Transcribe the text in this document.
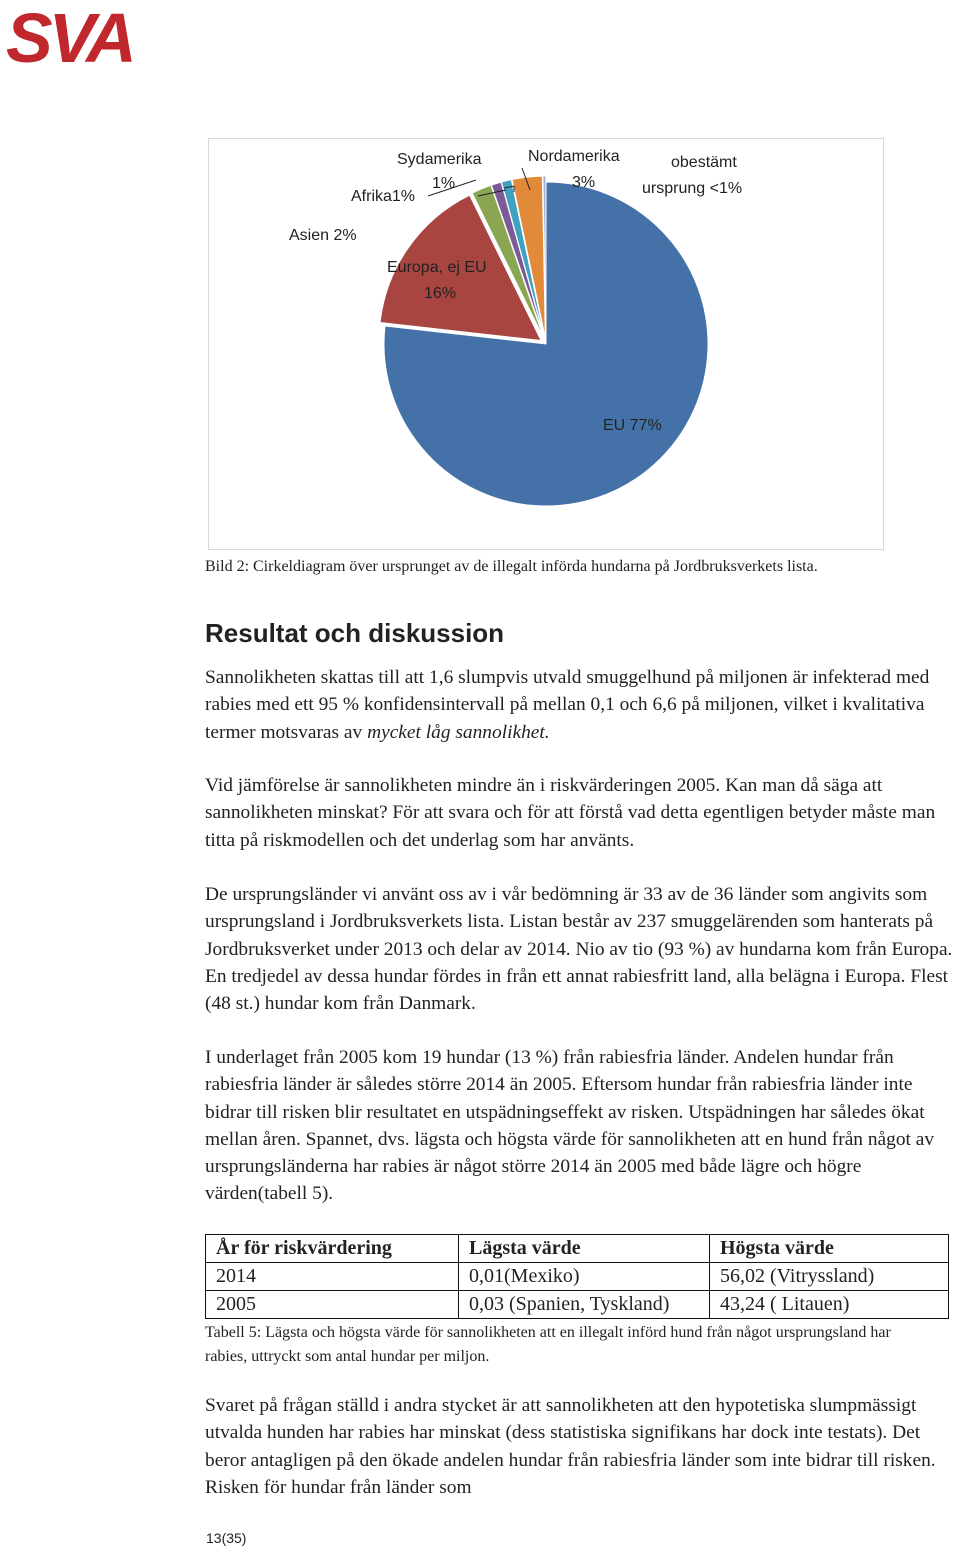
SVA
Asien 2%
Afrika1%
Sydamerika
1%
Nordamerika
3%
obestämt
ursprung <1%
Europa, ej EU
16%
EU 77%
Bild 2: Cirkeldiagram över ursprunget av de illegalt införda hundarna på Jordbruksverkets lista.
Resultat och diskussion

Sannolikheten skattas till att 1,6 slumpvis utvald smuggelhund på miljonen är infekterad med rabies med ett 95 % konfidensintervall på mellan 0,1 och 6,6 på miljonen, vilket i kvalitativa termer motsvaras av mycket låg sannolikhet.

Vid jämförelse är sannolikheten mindre än i riskvärderingen 2005. Kan man då säga att sannolikheten minskat? För att svara och för att förstå vad detta egentligen betyder måste man titta på riskmodellen och det underlag som har använts.

De ursprungsländer vi använt oss av i vår bedömning är 33 av de 36 länder som angivits som ursprungsland i Jordbruksverkets lista. Listan består av 237 smuggelärenden som hanterats på Jordbruksverket under 2013 och delar av 2014. Nio av tio (93 %) av hundarna kom från Europa. En tredjedel av dessa hundar fördes in från ett annat rabiesfritt land, alla belägna i Europa. Flest (48 st.) hundar kom från Danmark.

I underlaget från 2005 kom 19 hundar (13 %) från rabiesfria länder. Andelen hundar från rabiesfria länder är således större 2014 än 2005. Eftersom hundar från rabiesfria länder inte bidrar till risken blir resultatet en utspädningseffekt av risken. Utspädningen har således ökat mellan åren. Spannet, dvs. lägsta och högsta värde för sannolikheten att en hund från något av ursprungsländerna har rabies är något större 2014 än 2005 med både lägre och högre värden(tabell 5).

År för riskvärdering	Lägsta värde	Högsta värde
2014	0,01(Mexiko)	56,02 (Vitryssland)
2005	0,03 (Spanien, Tyskland)	43,24 ( Litauen)
Tabell 5: Lägsta och högsta värde för sannolikheten att en illegalt införd hund från något ursprungsland har rabies, uttryckt som antal hundar per miljon.

Svaret på frågan ställd i andra stycket är att sannolikheten att den hypotetiska slumpmässigt utvalda hunden har rabies har minskat (dess statistiska signifikans har dock inte testats). Det beror antagligen på den ökade andelen hundar från rabiesfria länder som inte bidrar till risken. Risken för hundar från länder som

13(35)
